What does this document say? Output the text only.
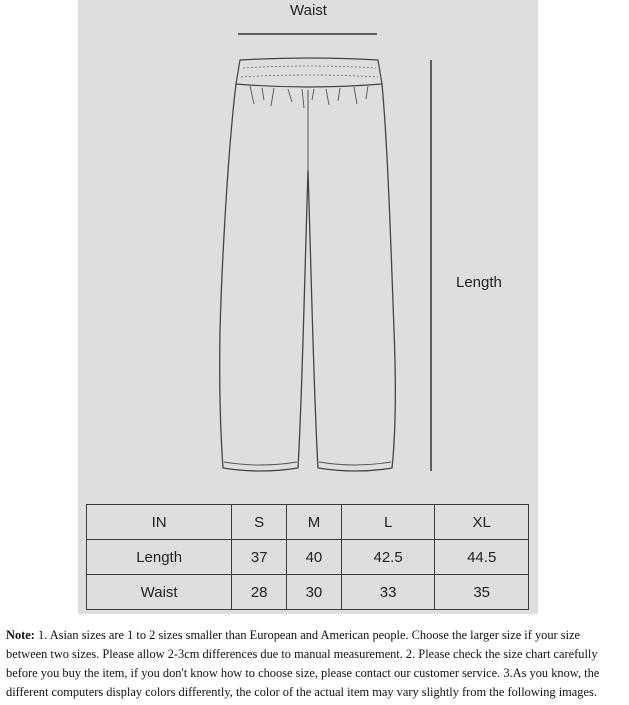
Waist
Length
IN	S	M	L	XL
Length	37	40	42.5	44.5
Waist	28	30	33	35
Note: 1. Asian sizes are 1 to 2 sizes smaller than European and American people. Choose the larger size if your size between two sizes. Please allow 2-3cm differences due to manual measurement. 2. Please check the size chart carefully before you buy the item, if you don't know how to choose size, please contact our customer service. 3.As you know, the different computers display colors differently, the color of the actual item may vary slightly from the following images.
